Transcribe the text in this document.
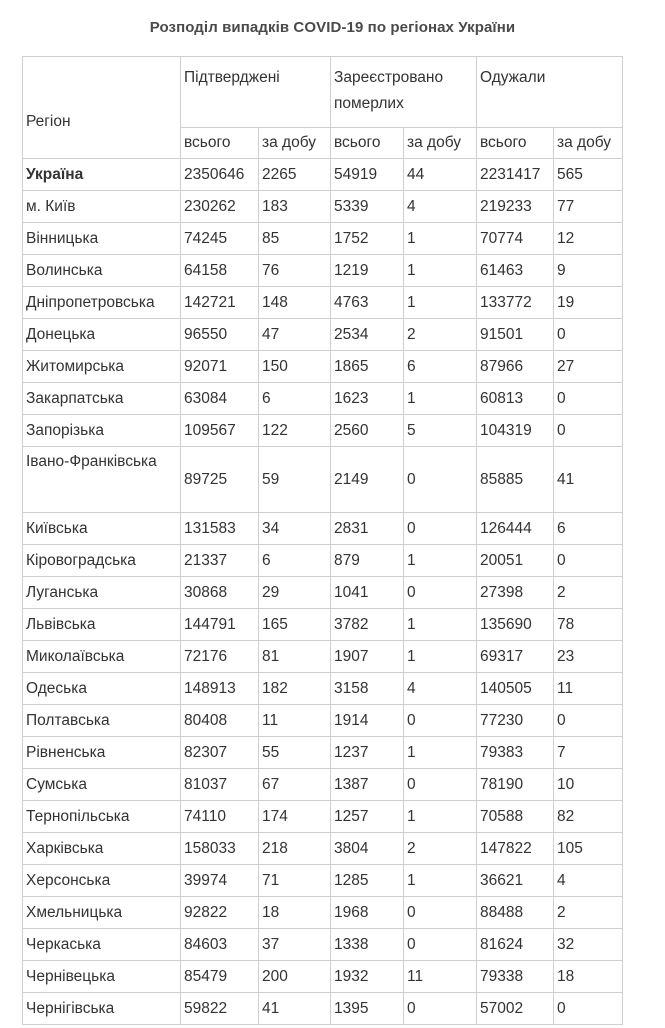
Розподіл випадків COVID-19 по регіонах України
Регіон	Підтверджені		Зареєстровано померлих		Одужали	
	всього	за добу	всього	за добу	всього	за добу
Україна	2350646	2265	54919	44	2231417	565
м. Київ	230262	183	5339	4	219233	77
Вінницька	74245	85	1752	1	70774	12
Волинська	64158	76	1219	1	61463	9
Дніпропетровська	142721	148	4763	1	133772	19
Донецька	96550	47	2534	2	91501	0
Житомирська	92071	150	1865	6	87966	27
Закарпатська	63084	6	1623	1	60813	0
Запорізька	109567	122	2560	5	104319	0
Івано-Франківська	89725	59	2149	0	85885	41
Київська	131583	34	2831	0	126444	6
Кіровоградська	21337	6	879	1	20051	0
Луганська	30868	29	1041	0	27398	2
Львівська	144791	165	3782	1	135690	78
Миколаївська	72176	81	1907	1	69317	23
Одеська	148913	182	3158	4	140505	11
Полтавська	80408	11	1914	0	77230	0
Рівненська	82307	55	1237	1	79383	7
Сумська	81037	67	1387	0	78190	10
Тернопільська	74110	174	1257	1	70588	82
Харківська	158033	218	3804	2	147822	105
Херсонська	39974	71	1285	1	36621	4
Хмельницька	92822	18	1968	0	88488	2
Черкаська	84603	37	1338	0	81624	32
Чернівецька	85479	200	1932	11	79338	18
Чернігівська	59822	41	1395	0	57002	0
